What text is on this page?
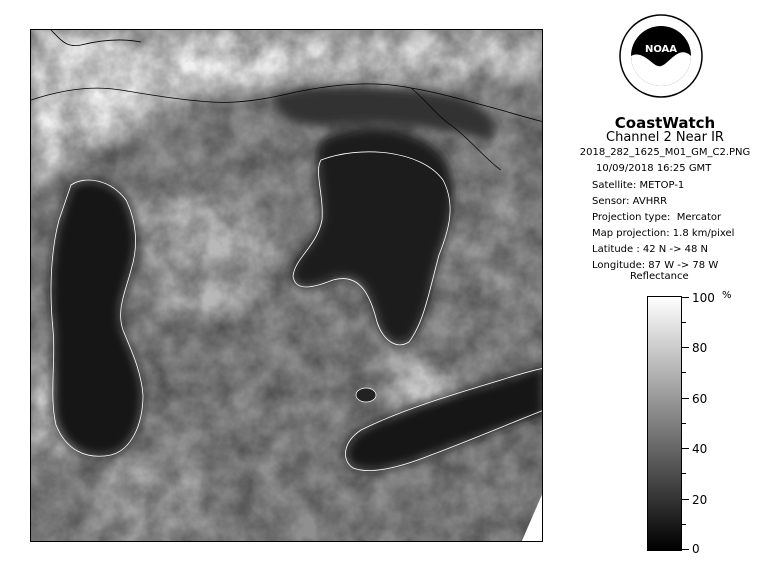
NOAA
CoastWatch
Channel 2 Near IR
2018_282_1625_M01_GM_C2.PNG
10/09/2018 16:25 GMT
Satellite: METOP-1
Sensor: AVHRR
Projection type: Mercator
Map projection: 1.8 km/pixel
Latitude : 42 N -> 48 N
Longitude: 87 W -> 78 W
Reflectance
%
100
80
60
40
20
0
